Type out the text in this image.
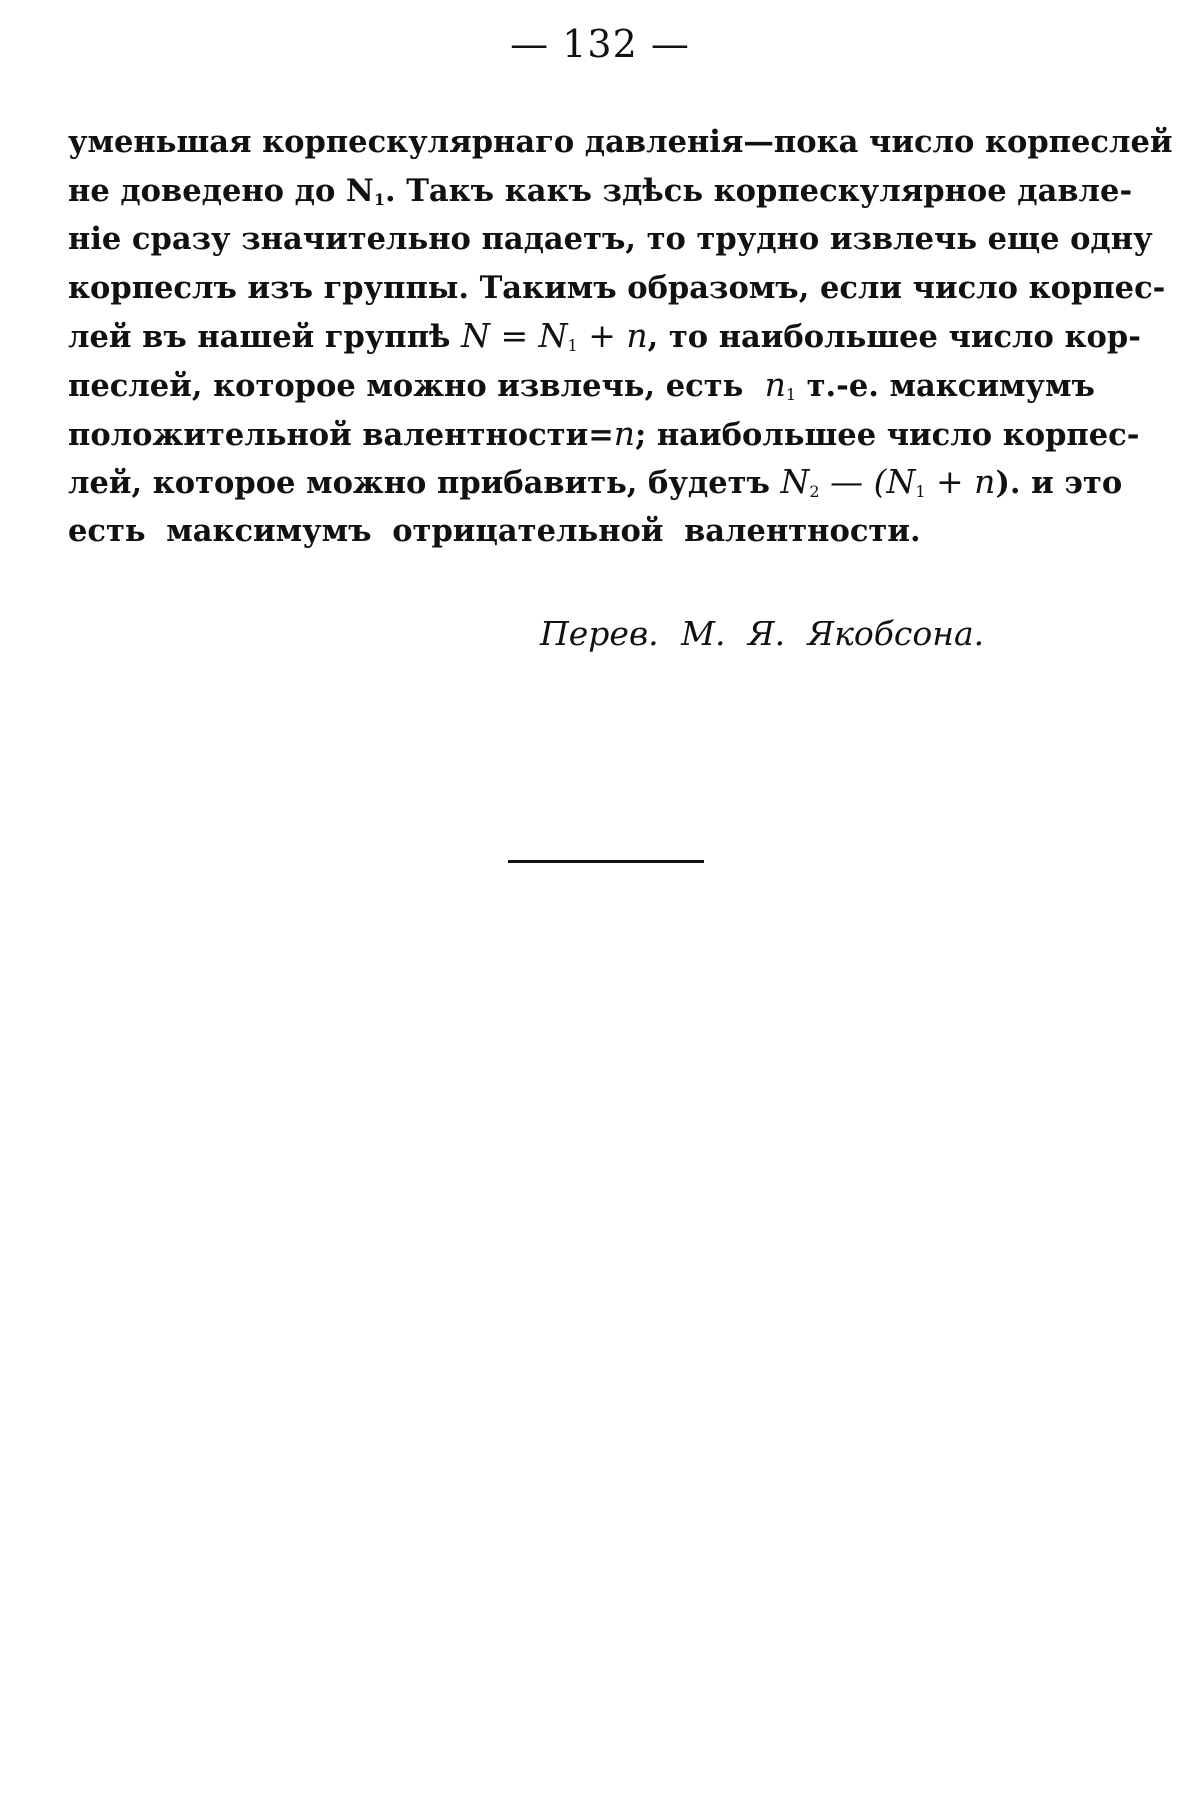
— 132 —
уменьшая корпескулярнаго давленія—пока число корпеслей
не доведено до $N_1$. Такъ какъ здѣсь корпескулярное давле-
ніе сразу значительно падаетъ, то трудно извлечь еще одну
корпеслъ изъ группы. Такимъ образомъ, если число корпес-
лей въ нашей группѣ $N = N_1 + n$, то наибольшее число кор-
песлей, которое можно извлечь, есть $n_1$ т.-е. максимумъ
положительной валентности=n; наибольшее число корпес-
лей, которое можно прибавить, будетъ $N_2$ — $(N_1 + n)$. и это
есть максимумъ отрицательной валентности.
Перев. М. Я. Якобсона.
